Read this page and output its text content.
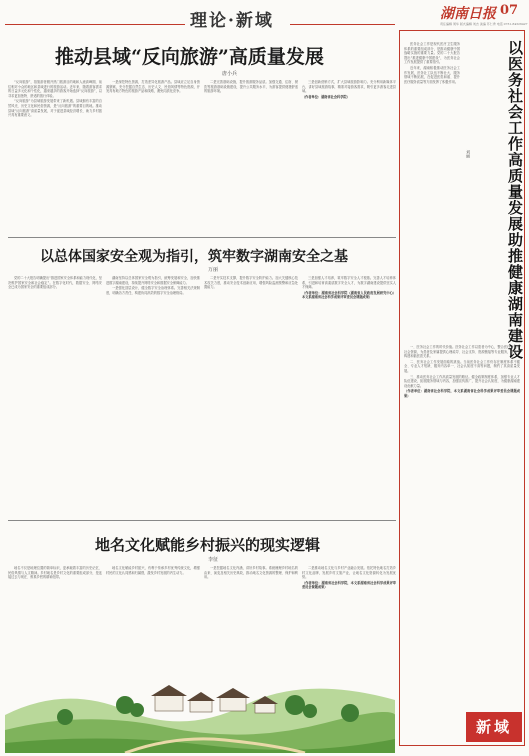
理论·新域	湖南日报 07
责任编辑 周华 版式编辑 刘吉 美编 苏仁秀 电话 0731-84326427
推动县域“反向旅游”高质量发展
唐小兵

“反向旅游”，指旅游者避开热门旅游目的地和人流高峰期，前往相对小众的地区和县域进行的旅游活动。近年来，随着游客需求的日益多元化和个性化，越来越多的游客开始选择“反向旅游”，以寻求更加独特、舒适的旅行体验。

“反向旅游”为县域旅游发展带来了新机遇。县域拥有丰富的自然风光、历史文化和民俗资源，是“反向旅游”的重要目的地。推动县域“反向旅游”高质量发展，对于促进县域经济增长、助力乡村振兴具有重要意义。

一是深挖特色资源，打造差异化旅游产品。县域应立足自身资源禀赋，充分挖掘自然生态、历史人文、民俗风情等特色资源，开发具有地方特色的旅游产品和线路，避免同质化竞争。

二是完善基础设施，提升旅游服务品质。加强交通、住宿、餐饮等旅游基础设施建设，提升公共服务水平，为游客提供便捷舒适的旅游环境。

三是创新营销方式，扩大县域旅游影响力。充分利用新媒体平台，讲好县域旅游故事，精准对接游客需求，吸引更多游客走进县域。

（作者单位：湖南省社会科学院）
以总体国家安全观为指引，筑牢数字湖南安全之基
万丽

党的二十大报告明确提出“推进国家安全体系和能力现代化，坚决维护国家安全和社会稳定”。在数字化时代，数据安全、网络安全已成为国家安全的重要组成部分。

湖南坚持以总体国家安全观为指引，统筹发展和安全，加快推进数字湖南建设，持续提升网络安全和数据安全保障能力。

一是强化顶层设计，健全数字安全治理体系。完善相关法规制度，明确各方责任，构建协同高效的数字安全治理格局。

二是夯实技术支撑，提升数字安全防护能力。加大关键核心技术攻关力度，推动安全技术创新应用，增强风险监测预警和应急处置能力。

三是加强人才培养，筑牢数字安全人才根基。完善人才培养体系，引进和培育高素质数字安全人才，为数字湖南建设提供坚实人才保障。

（作者单位：湖南省社会科学院（湖南省人民政府发展研究中心）本文系湖南省社会科学成果评审委员会课题成果）
地名文化赋能乡村振兴的现实逻辑
李征

地名不仅是地理位置的简单标识，更承载着丰富的历史记忆、民俗风情与人文精神。乡村地名是乡村文化的重要组成部分，是连接过去与现在、维系乡愁的精神纽带。

地名文化赋能乡村振兴，有利于传承乡村优秀传统文化，增强村民的文化认同感和归属感，激发乡村发展的内生动力。

一是挖掘地名文化内涵，讲好乡村故事。系统梳理乡村地名的由来、演变及相关历史典故，推动地名文化资源的整理、保护和利用。

二是推动地名文化与乡村产业融合发展。依托特色地名打造乡村文化品牌，发展乡村文旅产业，让地名文化资源转化为发展优势。

（作者单位：湖南省社会科学院，本文系湖南省社会科学成果评审委员会课题成果）
以医务社会工作高质量发展助推健康湖南建设
刘丽

医务社会工作是现代医疗卫生服务体系的重要组成部分，是推动健康中国战略实施的重要力量。党的二十大报告提出“推进健康中国建设”，为医务社会工作发展提供了重要指引。

近年来，湖南积极推动医务社会工作发展，医务社工队伍不断壮大，服务领域不断拓展，在促进医患和谐、提升医疗服务质量等方面发挥了积极作用。

一、医务社会工作的时代价值。医务社会工作以患者为中心，整合医疗资源与社会资源，为患者及家属提供心理疏导、社会支持、资源链接等专业服务，有助于构建和谐医患关系。

二、医务社会工作发展面临的挑战。当前医务社会工作仍存在制度体系不健全、专业人才短缺、服务内容单一、社会认知度不高等问题，制约了其高质量发展。

三、推动医务社会工作高质量发展的路径。健全政策制度体系，加强专业人才队伍建设，拓展服务领域与内容，加强宣传推广，提升社会认知度，为健康湖南建设贡献力量。

（作者单位：湖南省社会科学院，本文系湖南省社会科学成果评审委员会课题成果）
新域
